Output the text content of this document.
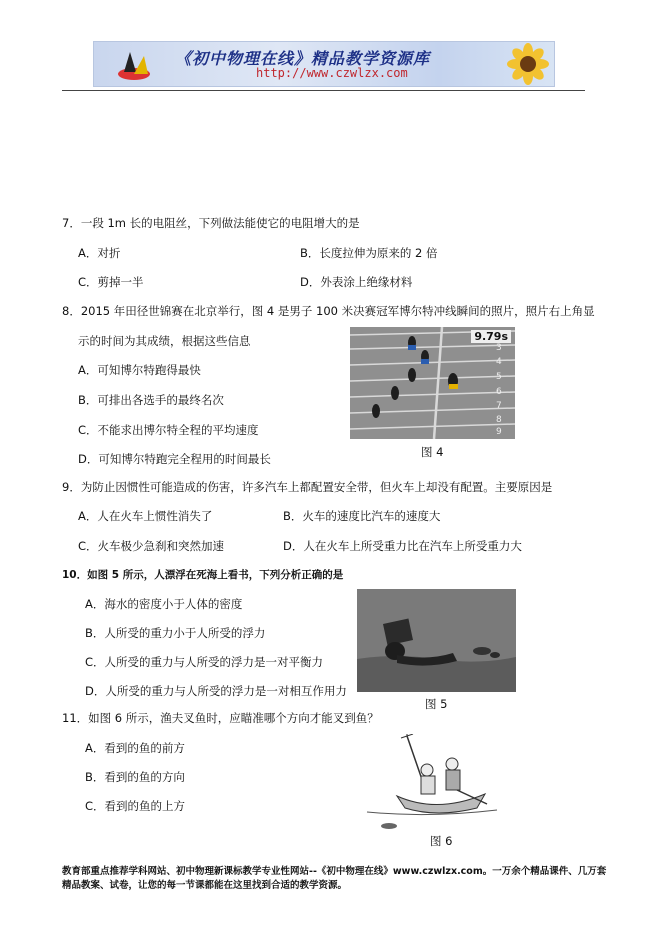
《初中物理在线》精品教学资源库
http://www.czwlzx.com
7．一段 1m 长的电阻丝，下列做法能使它的电阻增大的是
A．对折	B．长度拉伸为原来的 2 倍
C．剪掉一半	D．外表涂上绝缘材料
8．2015 年田径世锦赛在北京举行，图 4 是男子 100 米决赛冠军博尔特冲线瞬间的照片，照片右上角显
示的时间为其成绩，根据这些信息
A．可知博尔特跑得最快
B．可排出各选手的最终名次
C．不能求出博尔特全程的平均速度
D．可知博尔特跑完全程用的时间最长
9.79s
3
4
5
6
7
8
9
图 4
9．为防止因惯性可能造成的伤害，许多汽车上都配置安全带，但火车上却没有配置。主要原因是
A．人在火车上惯性消失了	B．火车的速度比汽车的速度大
C．火车极少急刹和突然加速	D．人在火车上所受重力比在汽车上所受重力大
10．如图 5 所示，人漂浮在死海上看书，下列分析正确的是
A．海水的密度小于人体的密度
B．人所受的重力小于人所受的浮力
C．人所受的重力与人所受的浮力是一对平衡力
D．人所受的重力与人所受的浮力是一对相互作用力
图 5
11．如图 6 所示，渔夫叉鱼时，应瞄准哪个方向才能叉到鱼？
A．看到的鱼的前方
B．看到的鱼的方向
C．看到的鱼的上方
图 6
教育部重点推荐学科网站、初中物理新课标教学专业性网站--《初中物理在线》www.czwlzx.com。一万余个精品课件、几万套精品教案、试卷，让您的每一节课都能在这里找到合适的教学资源。
